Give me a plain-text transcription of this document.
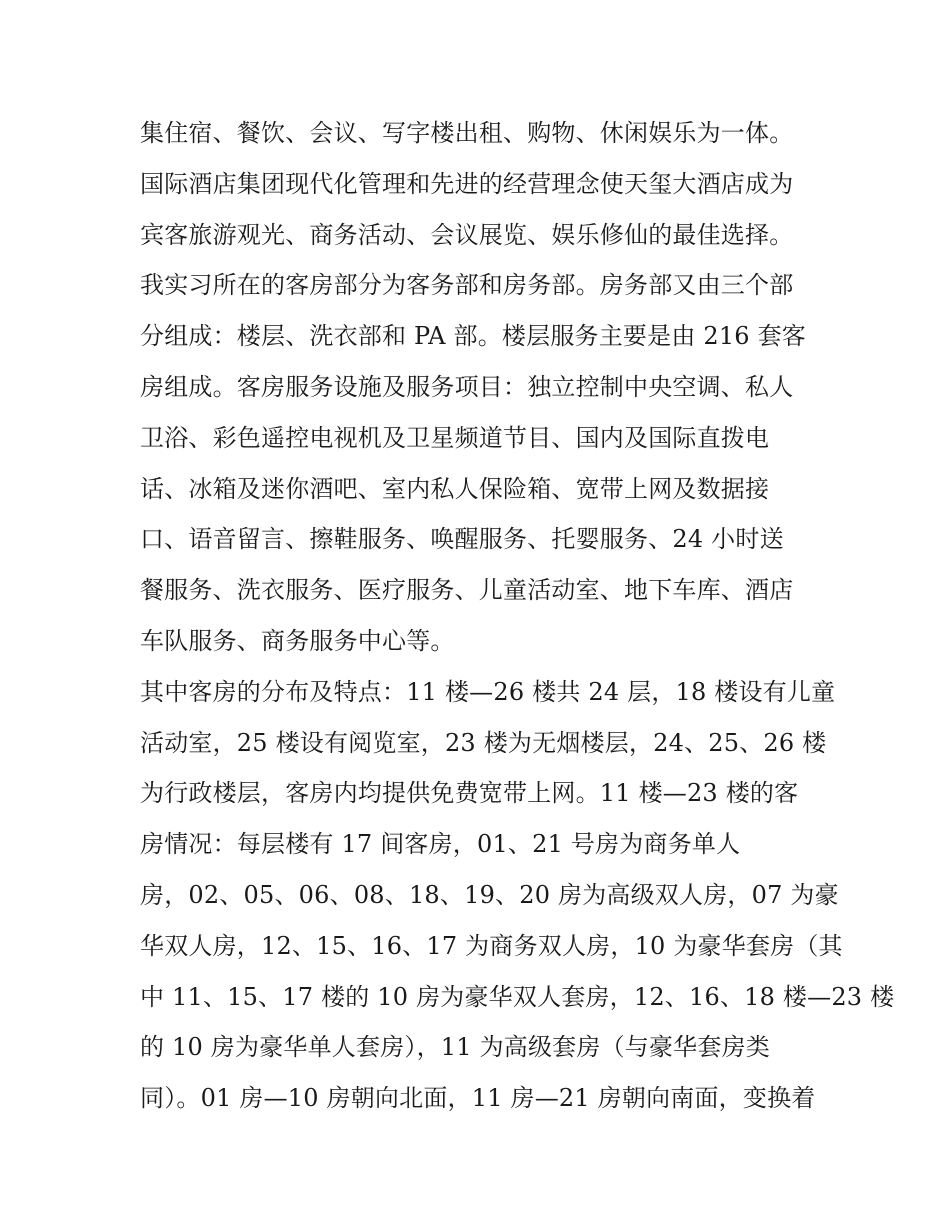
集住宿、餐饮、会议、写字楼出租、购物、休闲娱乐为一体。
国际酒店集团现代化管理和先进的经营理念使天玺大酒店成为
宾客旅游观光、商务活动、会议展览、娱乐修仙的最佳选择。
我实习所在的客房部分为客务部和房务部。房务部又由三个部
分组成：楼层、洗衣部和 PA 部。楼层服务主要是由 216 套客
房组成。客房服务设施及服务项目：独立控制中央空调、私人
卫浴、彩色遥控电视机及卫星频道节目、国内及国际直拨电
话、冰箱及迷你酒吧、室内私人保险箱、宽带上网及数据接
口、语音留言、擦鞋服务、唤醒服务、托婴服务、24 小时送
餐服务、洗衣服务、医疗服务、儿童活动室、地下车库、酒店
车队服务、商务服务中心等。
其中客房的分布及特点：11 楼—26 楼共 24 层，18 楼设有儿童
活动室，25 楼设有阅览室，23 楼为无烟楼层，24、25、26 楼
为行政楼层，客房内均提供免费宽带上网。11 楼—23 楼的客
房情况：每层楼有 17 间客房，01、21 号房为商务单人
房，02、05、06、08、18、19、20 房为高级双人房，07 为豪
华双人房，12、15、16、17 为商务双人房，10 为豪华套房（其
中 11、15、17 楼的 10 房为豪华双人套房，12、16、18 楼—23 楼
的 10 房为豪华单人套房），11 为高级套房（与豪华套房类
同）。01 房—10 房朝向北面，11 房—21 房朝向南面，变换着
